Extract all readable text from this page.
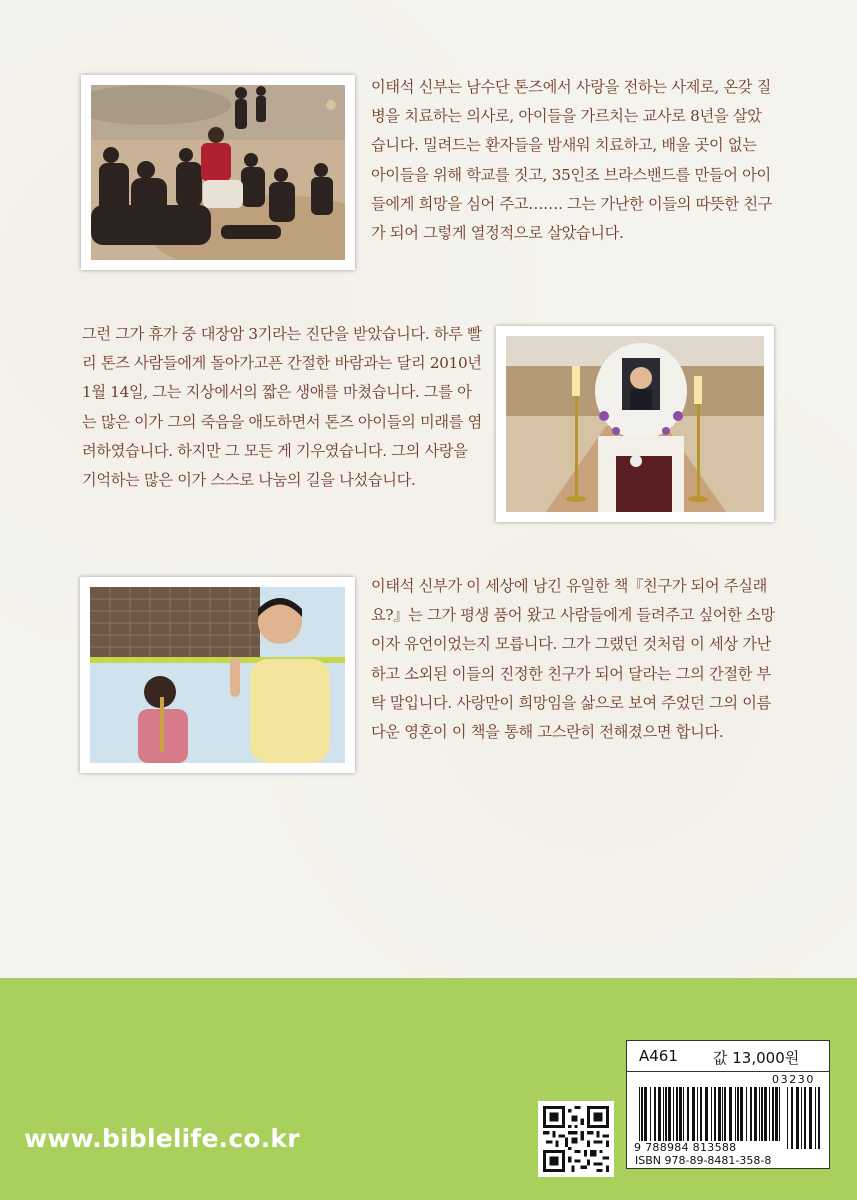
이태석 신부는 남수단 톤즈에서 사랑을 전하는 사제로, 온갖 질
병을 치료하는 의사로, 아이들을 가르치는 교사로 8년을 살았
습니다. 밀려드는 환자들을 밤새워 치료하고, 배울 곳이 없는
아이들을 위해 학교를 짓고, 35인조 브라스밴드를 만들어 아이
들에게 희망을 심어 주고……. 그는 가난한 이들의 따뜻한 친구
가 되어 그렇게 열정적으로 살았습니다.
그런 그가 휴가 중 대장암 3기라는 진단을 받았습니다. 하루 빨
리 톤즈 사람들에게 돌아가고픈 간절한 바람과는 달리 2010년
1월 14일, 그는 지상에서의 짧은 생애를 마쳤습니다. 그를 아
는 많은 이가 그의 죽음을 애도하면서 톤즈 아이들의 미래를 염
려하였습니다. 하지만 그 모든 게 기우였습니다. 그의 사랑을
기억하는 많은 이가 스스로 나눔의 길을 나섰습니다.
이태석 신부가 이 세상에 남긴 유일한 책『친구가 되어 주실래
요?』는 그가 평생 품어 왔고 사람들에게 들려주고 싶어한 소망
이자 유언이었는지 모릅니다. 그가 그랬던 것처럼 이 세상 가난
하고 소외된 이들의 진정한 친구가 되어 달라는 그의 간절한 부
탁 말입니다. 사랑만이 희망임을 삶으로 보여 주었던 그의 이름
다운 영혼이 이 책을 통해 고스란히 전해졌으면 합니다.
www.biblelife.co.kr
A461 값 13,000원
03230
9 788984 813588
ISBN 978-89-8481-358-8
